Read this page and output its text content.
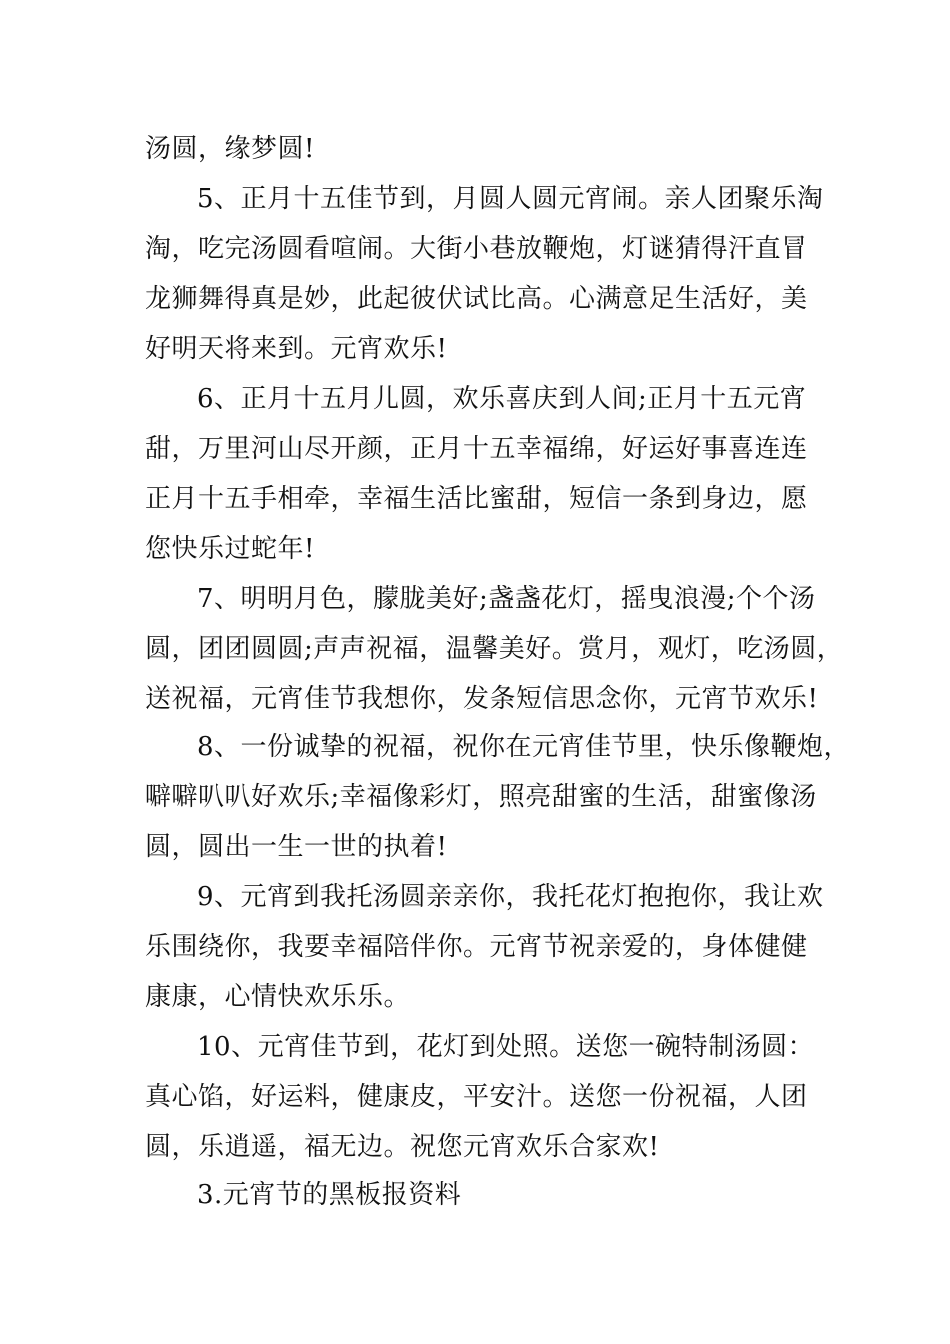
汤圆，缘梦圆!

5、正月十五佳节到，月圆人圆元宵闹。亲人团聚乐淘
淘，吃完汤圆看喧闹。大街小巷放鞭炮，灯谜猜得汗直冒
龙狮舞得真是妙，此起彼伏试比高。心满意足生活好，美
好明天将来到。元宵欢乐!

6、正月十五月儿圆，欢乐喜庆到人间;正月十五元宵
甜，万里河山尽开颜，正月十五幸福绵，好运好事喜连连
正月十五手相牵，幸福生活比蜜甜，短信一条到身边，愿
您快乐过蛇年!

7、明明月色，朦胧美好;盏盏花灯，摇曳浪漫;个个汤
圆，团团圆圆;声声祝福，温馨美好。赏月，观灯，吃汤圆，
送祝福，元宵佳节我想你，发条短信思念你，元宵节欢乐!

8、一份诚挚的祝福，祝你在元宵佳节里，快乐像鞭炮，
噼噼叭叭好欢乐;幸福像彩灯，照亮甜蜜的生活，甜蜜像汤
圆，圆出一生一世的执着!

9、元宵到我托汤圆亲亲你，我托花灯抱抱你，我让欢
乐围绕你，我要幸福陪伴你。元宵节祝亲爱的，身体健健
康康，心情快欢乐乐。

10、元宵佳节到，花灯到处照。送您一碗特制汤圆：
真心馅，好运料，健康皮，平安汁。送您一份祝福，人团
圆，乐逍遥，福无边。祝您元宵欢乐合家欢!

3.元宵节的黑板报资料
